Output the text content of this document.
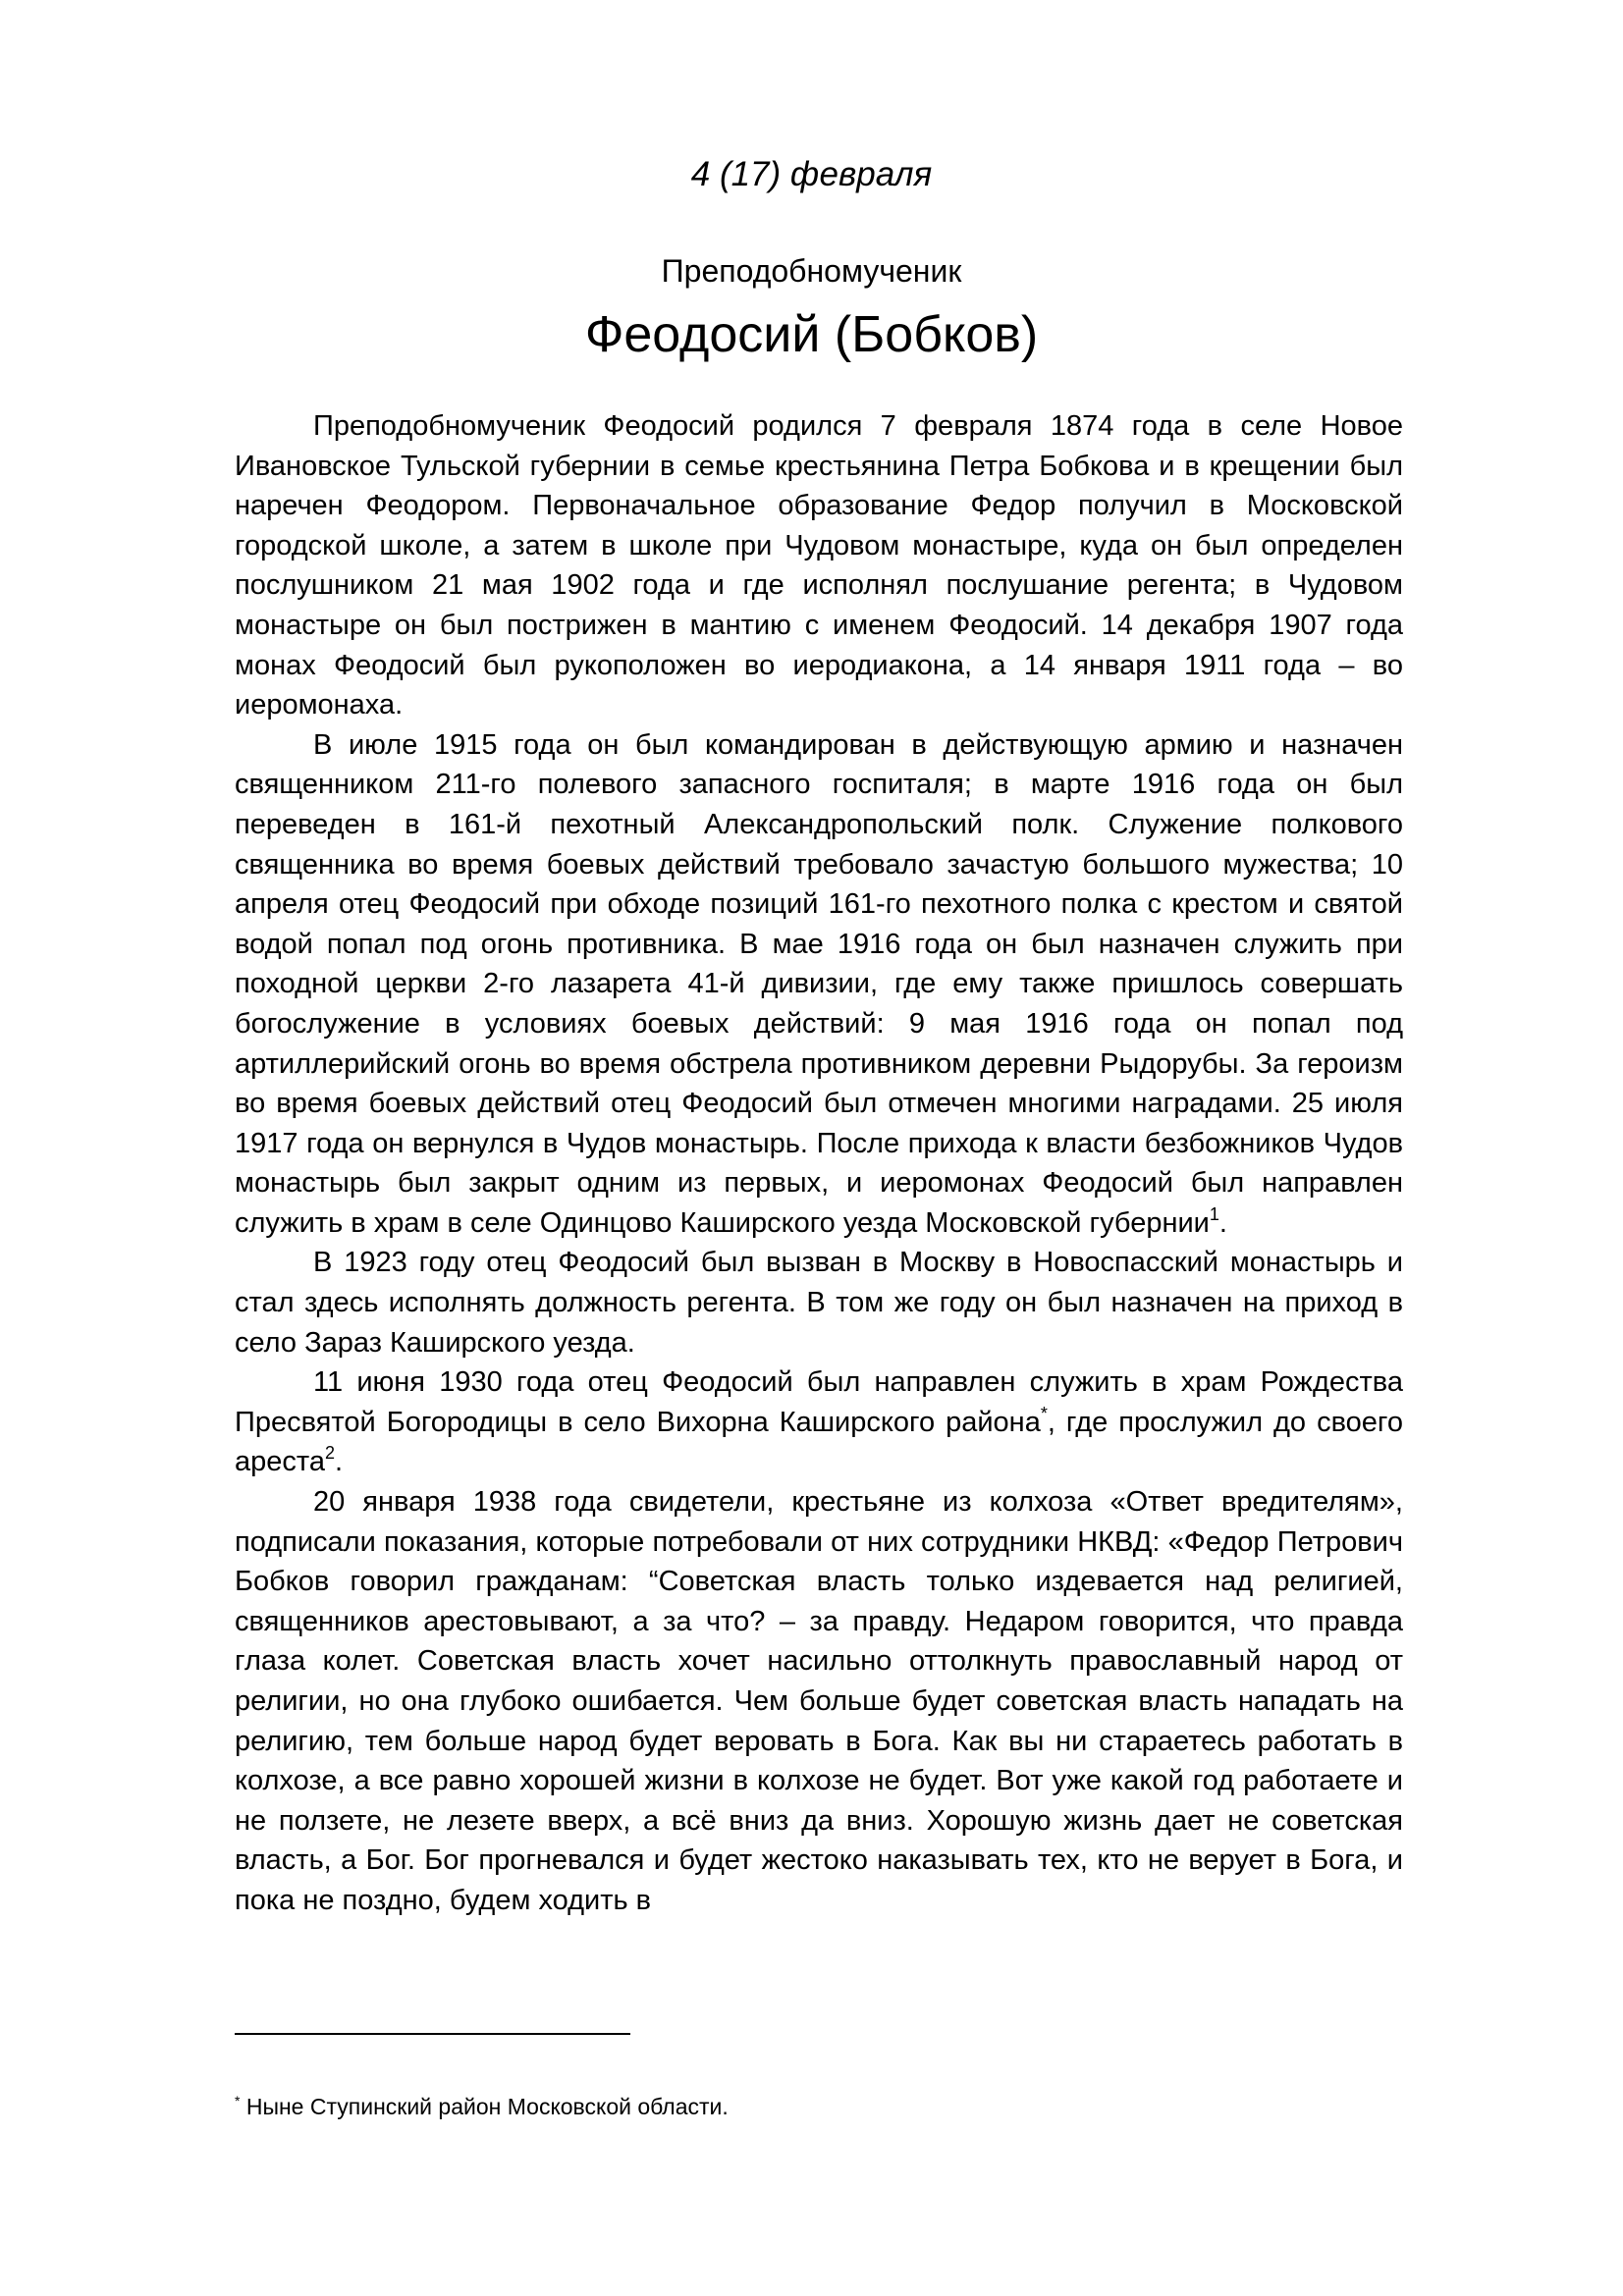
4 (17) февраля
Преподобномученик
Феодосий (Бобков)

Преподобномученик Феодосий родился 7 февраля 1874 года в селе Новое Ивановское Тульской губернии в семье крестьянина Петра Бобкова и в крещении был наречен Феодором. Первоначальное образование Федор получил в Московской городской школе, а затем в школе при Чудовом монастыре, куда он был определен послушником 21 мая 1902 года и где исполнял послушание регента; в Чудовом монастыре он был пострижен в мантию с именем Феодосий. 14 декабря 1907 года монах Феодосий был рукоположен во иеродиакона, а 14 января 1911 года – во иеромонаха.

В июле 1915 года он был командирован в действующую армию и назначен священником 211-го полевого запасного госпиталя; в марте 1916 года он был переведен в 161-й пехотный Александропольский полк. Служение полкового священника во время боевых действий требовало зачастую большого мужества; 10 апреля отец Феодосий при обходе позиций 161-го пехотного полка с крестом и святой водой попал под огонь противника. В мае 1916 года он был назначен служить при походной церкви 2-го лазарета 41-й дивизии, где ему также пришлось совершать богослужение в условиях боевых действий: 9 мая 1916 года он попал под артиллерийский огонь во время обстрела противником деревни Рыдорубы. За героизм во время боевых действий отец Феодосий был отмечен многими наградами. 25 июля 1917 года он вернулся в Чудов монастырь. После прихода к власти безбожников Чудов монастырь был закрыт одним из первых, и иеромонах Феодосий был направлен служить в храм в селе Одинцово Каширского уезда Московской губернии$^1$.

В 1923 году отец Феодосий был вызван в Москву в Новоспасский монастырь и стал здесь исполнять должность регента. В том же году он был назначен на приход в село Зараз Каширского уезда.

11 июня 1930 года отец Феодосий был направлен служить в храм Рождества Пресвятой Богородицы в село Вихорна Каширского района*, где прослужил до своего ареста$^2$.

20 января 1938 года свидетели, крестьяне из колхоза «Ответ вредителям», подписали показания, которые потребовали от них сотрудники НКВД: «Федор Петрович Бобков говорил гражданам: “Советская власть только издевается над религией, священников арестовывают, а за что? – за правду. Недаром говорится, что правда глаза колет. Советская власть хочет насильно оттолкнуть православный народ от религии, но она глубоко ошибается. Чем больше будет советская власть нападать на религию, тем больше народ будет веровать в Бога. Как вы ни стараетесь работать в колхозе, а все равно хорошей жизни в колхозе не будет. Вот уже какой год работаете и не ползете, не лезете вверх, а всё вниз да вниз. Хорошую жизнь дает не советская власть, а Бог. Бог прогневался и будет жестоко наказывать тех, кто не верует в Бога, и пока не поздно, будем ходить в

* Ныне Ступинский район Московской области.
